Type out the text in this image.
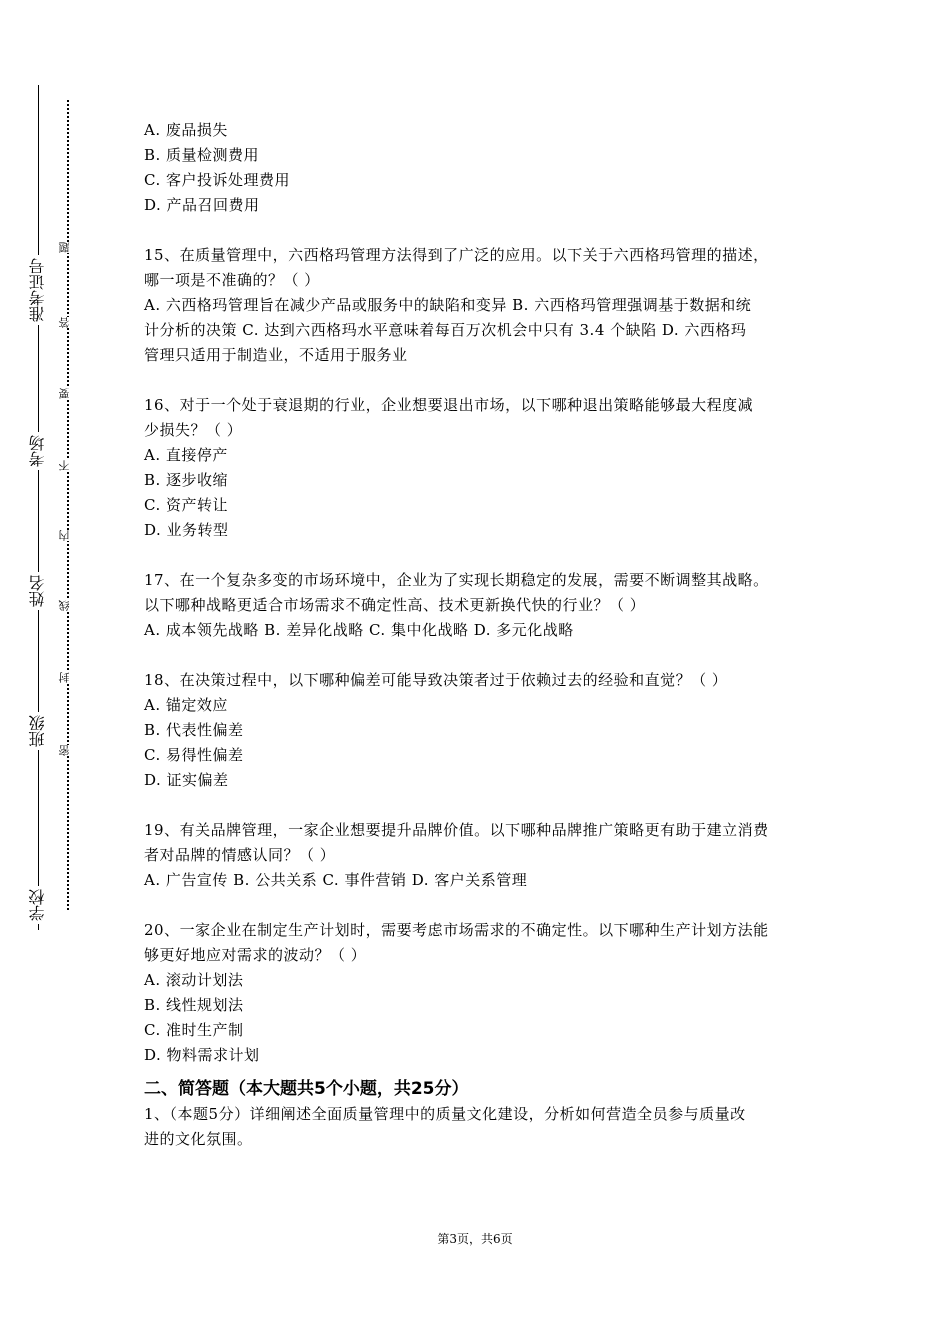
准考证号
考场
姓名
班级
学校
题
答
要
不
内
线
封
密
A. 废品损失
B. 质量检测费用
C. 客户投诉处理费用
D. 产品召回费用
15、在质量管理中，六西格玛管理方法得到了广泛的应用。以下关于六西格玛管理的描述，
哪一项是不准确的？（ ）
A. 六西格玛管理旨在减少产品或服务中的缺陷和变异 B. 六西格玛管理强调基于数据和统
计分析的决策 C. 达到六西格玛水平意味着每百万次机会中只有 3.4 个缺陷 D. 六西格玛
管理只适用于制造业，不适用于服务业
16、对于一个处于衰退期的行业，企业想要退出市场，以下哪种退出策略能够最大程度减
少损失？（ ）
A. 直接停产
B. 逐步收缩
C. 资产转让
D. 业务转型
17、在一个复杂多变的市场环境中，企业为了实现长期稳定的发展，需要不断调整其战略。
以下哪种战略更适合市场需求不确定性高、技术更新换代快的行业？（ ）
A. 成本领先战略 B. 差异化战略 C. 集中化战略 D. 多元化战略
18、在决策过程中，以下哪种偏差可能导致决策者过于依赖过去的经验和直觉？（ ）
A. 锚定效应
B. 代表性偏差
C. 易得性偏差
D. 证实偏差
19、有关品牌管理，一家企业想要提升品牌价值。以下哪种品牌推广策略更有助于建立消费
者对品牌的情感认同？（ ）
A. 广告宣传 B. 公共关系 C. 事件营销 D. 客户关系管理
20、一家企业在制定生产计划时，需要考虑市场需求的不确定性。以下哪种生产计划方法能
够更好地应对需求的波动？（ ）
A. 滚动计划法
B. 线性规划法
C. 准时生产制
D. 物料需求计划
二、简答题（本大题共5个小题，共25分）
1、（本题5分）详细阐述全面质量管理中的质量文化建设，分析如何营造全员参与质量改
进的文化氛围。
第3页，共6页
